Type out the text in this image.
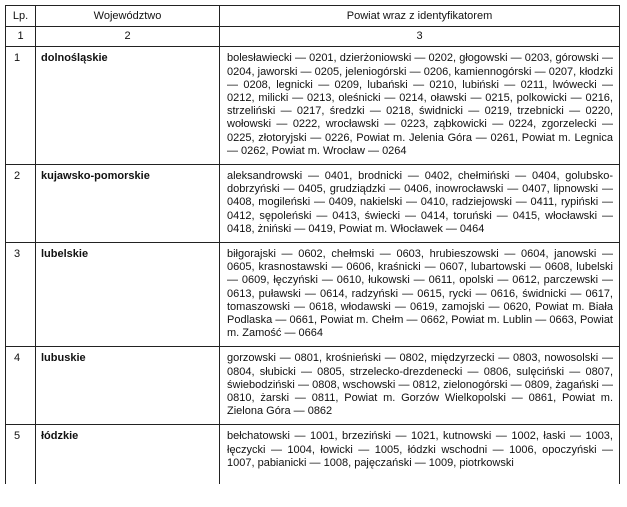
Lp.	Województwo	Powiat wraz z identyfikatorem
1	2	3
1	dolnośląskie	bolesławiecki — 0201, dzierżoniowski — 0202, głogowski — 0203, górowski — 0204, jaworski — 0205, jeleniogórski — 0206, kamiennogórski — 0207, kłodzki — 0208, legnicki — 0209, lubański — 0210, lubiński — 0211, lwówecki — 0212, milicki — 0213, oleśnicki — 0214, oławski — 0215, polkowicki — 0216, strzeliński — 0217, średzki — 0218, świdnicki — 0219, trzebnicki — 0220, wołowski — 0222, wrocławski — 0223, ząbkowicki — 0224, zgorzelecki — 0225, złotoryjski — 0226, Powiat m. Jelenia Góra — 0261, Powiat m. Legnica — 0262, Powiat m. Wrocław — 0264
2	kujawsko-pomorskie	aleksandrowski — 0401, brodnicki — 0402, chełmiński — 0404, golubsko-dobrzyński — 0405, grudziądzki — 0406, inowrocławski — 0407, lipnowski — 0408, mogileński — 0409, nakielski — 0410, radziejowski — 0411, rypiński — 0412, sępoleński — 0413, świecki — 0414, toruński — 0415, włocławski — 0418, żniński — 0419, Powiat m. Włocławek — 0464
3	lubelskie	biłgorajski — 0602, chełmski — 0603, hrubieszowski — 0604, janowski — 0605, krasnostawski — 0606, kraśnicki — 0607, lubartowski — 0608, lubelski — 0609, łęczyński — 0610, łukowski — 0611, opolski — 0612, parczewski — 0613, puławski — 0614, radzyński — 0615, rycki — 0616, świdnicki — 0617, tomaszowski — 0618, włodawski — 0619, zamojski — 0620, Powiat m. Biała Podlaska — 0661, Powiat m. Chełm — 0662, Powiat m. Lublin — 0663, Powiat m. Zamość — 0664
4	lubuskie	gorzowski — 0801, krośnieński — 0802, międzyrzecki — 0803, nowosolski — 0804, słubicki — 0805, strzelecko-drezdenecki — 0806, sulęciński — 0807, świebodziński — 0808, wschowski — 0812, zielonogórski — 0809, żagański — 0810, żarski — 0811, Powiat m. Gorzów Wielkopolski — 0861, Powiat m. Zielona Góra — 0862
5	łódzkie	bełchatowski — 1001, brzeziński — 1021, kutnowski — 1002, łaski — 1003, łęczycki — 1004, łowicki — 1005, łódzki wschodni — 1006, opoczyński — 1007, pabianicki — 1008, pajęczański — 1009, piotrkowski
